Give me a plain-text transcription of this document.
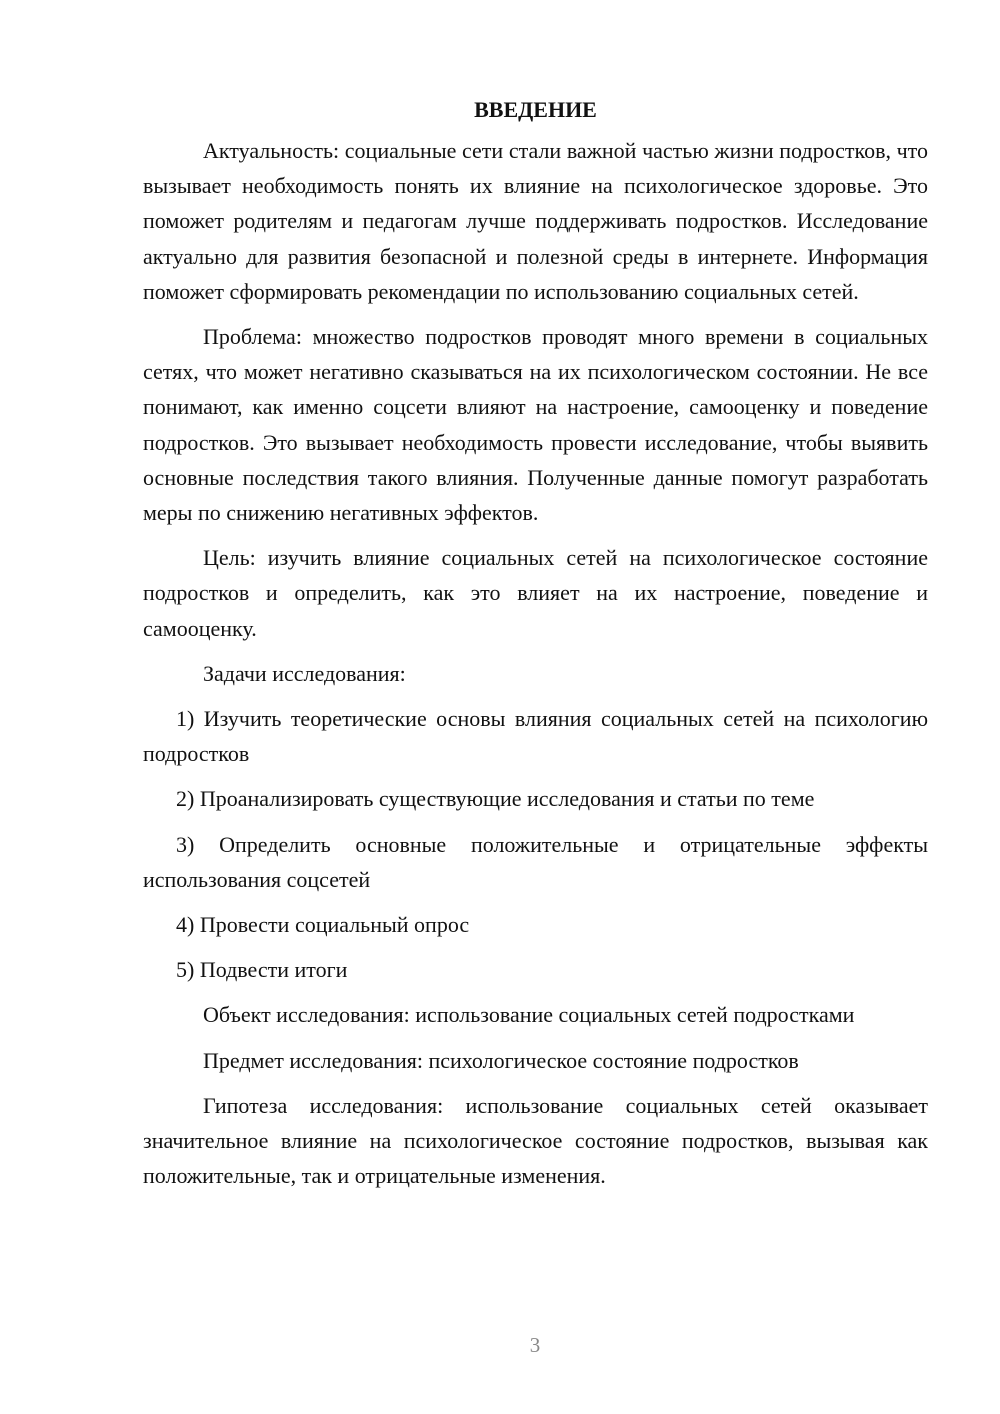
ВВЕДЕНИЕ

Актуальность: социальные сети стали важной частью жизни подростков, что вызывает необходимость понять их влияние на психологическое здоровье. Это поможет родителям и педагогам лучше поддерживать подростков. Исследование актуально для развития безопасной и полезной среды в интернете. Информация поможет сформировать рекомендации по использованию социальных сетей.

Проблема: множество подростков проводят много времени в социальных сетях, что может негативно сказываться на их психологическом состоянии. Не все понимают, как именно соцсети влияют на настроение, самооценку и поведение подростков. Это вызывает необходимость провести исследование, чтобы выявить основные последствия такого влияния. Полученные данные помогут разработать меры по снижению негативных эффектов.

Цель: изучить влияние социальных сетей на психологическое состояние подростков и определить, как это влияет на их настроение, поведение и самооценку.

Задачи исследования:

1) Изучить теоретические основы влияния социальных сетей на психологию подростков

2) Проанализировать существующие исследования и статьи по теме

3) Определить основные положительные и отрицательные эффекты использования соцсетей

4) Провести социальный опрос

5) Подвести итоги

Объект исследования: использование социальных сетей подростками

Предмет исследования: психологическое состояние подростков

Гипотеза исследования: использование социальных сетей оказывает значительное влияние на психологическое состояние подростков, вызывая как положительные, так и отрицательные изменения.

3
